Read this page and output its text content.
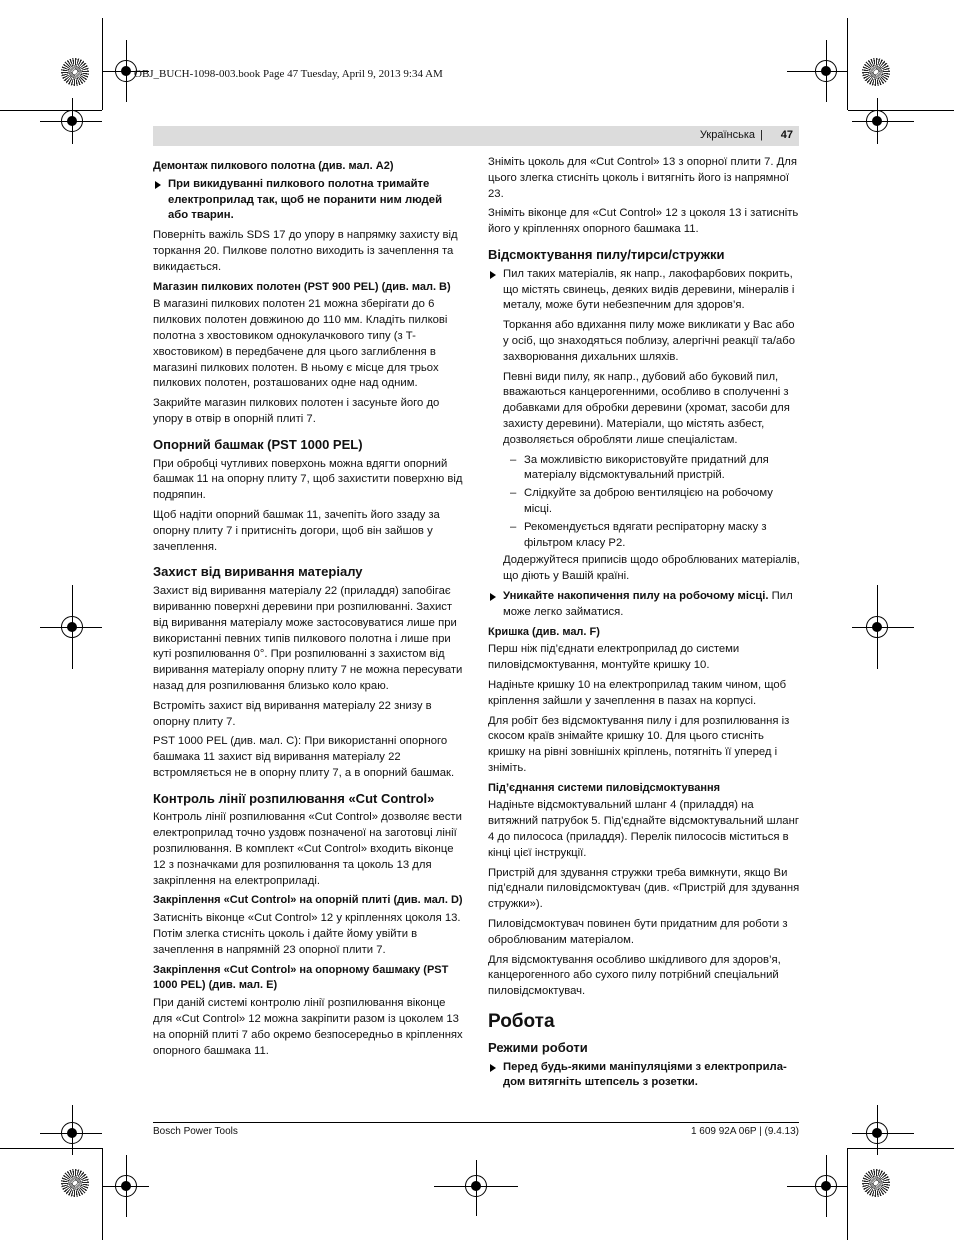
OBJ_BUCH-1098-003.book Page 47 Tuesday, April 9, 2013 9:34 AM
Українська | 47
Демонтаж пилкового полотна (див. мал. A2)
При викидуванні пилкового полотна тримайте електроприлад так, щоб не поранити ним людей або тварин.

Поверніть важіль SDS 17 до упору в напрямку захисту від торкання 20. Пилкове полотно виходить із зачеплення та викидається.

Магазин пилкових полотен (PST 900 PEL) (див. мал. B)

В магазині пилкових полотен 21 можна зберігати до 6 пилкових полотен довжиною до 110 мм. Кладіть пилкові полотна з хвостовиком однокулачкового типу (з T-хвостовиком) в передбачене для цього заглиблення в магазині пилкових полотен. В ньому є місце для трьох пилкових полотен, розташованих одне над одним.

Закрийте магазин пилкових полотен і засуньте його до упору в отвір в опорній плиті 7.

Опорний башмак (PST 1000 PEL)

При обробці чутливих поверхонь можна вдягти опорний башмак 11 на опорну плиту 7, щоб захистити поверхню від подряпин.

Щоб надіти опорний башмак 11, зачепіть його ззаду за опорну плиту 7 і притисніть догори, щоб він зайшов у зачеплення.

Захист від виривання матеріалу

Захист від виривання матеріалу 22 (приладдя) запобігає вириванню поверхні деревини при розпилюванні. Захист від виривання матеріалу може застосовуватися лише при використанні певних типів пилкового полотна і лише при куті розпилювання 0°. При розпилюванні з захистом від виривання матеріалу опорну плиту 7 не можна пересувати назад для розпилювання близько коло краю.

Встроміть захист від виривання матеріалу 22 знизу в опорну плиту 7.

PST 1000 PEL (див. мал. C): При використанні опорного башмака 11 захист від виривання матеріалу 22 встромляється не в опорну плиту 7, а в опорний башмак.

Контроль лінії розпилювання «Cut Control»

Контроль лінії розпилювання «Cut Control» дозволяє вести електроприлад точно уздовж позначеної на заготовці лінії розпилювання. В комплект «Cut Control» входить віконце 12 з позначками для розпилювання та цоколь 13 для закріплення на електроприладі.

Закріплення «Cut Control» на опорній плиті (див. мал. D)

Затисніть віконце «Cut Control» 12 у кріпленнях цоколя 13. Потім злегка стисніть цоколь і дайте йому увійти в зачеплення в напрямній 23 опорної плити 7.

Закріплення «Cut Control» на опорному башмаку (PST 1000 PEL) (див. мал. E)

При даній системі контролю лінії розпилювання віконце для «Cut Control» 12 можна закріпити разом із цоколем 13 на опорній плиті 7 або окремо безпосередньо в кріпленнях опорного башмака 11.

Зніміть цоколь для «Cut Control» 13 з опорної плити 7. Для цього злегка стисніть цоколь і витягніть його із напрямної 23.

Зніміть віконце для «Cut Control» 12 з цоколя 13 і затисніть його у кріпленнях опорного башмака 11.

Відсмоктування пилу/тирси/стружки
Пил таких матеріалів, як напр., лакофарбових покрить, що містять свинець, деяких видів деревини, мінералів і металу, може бути небезпечним для здоров’я.
Торкання або вдихання пилу може викликати у Вас або у осіб, що знаходяться поблизу, алергічні реакції та/або захворювання дихальних шляхів.
Певні види пилу, як напр., дубовий або буковий пил, вважаються канцерогенними, особливо в сполученні з добавками для обробки деревини (хромат, засоби для захисту деревини). Матеріали, що містять азбест, дозволяється обробляти лише спеціалістам.
– За можливістю використовуйте придатний для матеріалу відсмоктувальний пристрій.
– Слідкуйте за доброю вентиляцією на робочому місці.
– Рекомендується вдягати респіраторну маску з фільтром класу P2.
Додержуйтеся приписів щодо оброблюваних матеріалів, що діють у Вашій країні.
Уникайте накопичення пилу на робочому місці. Пил може легко займатися.
Кришка (див. мал. F)

Перш ніж під’єднати електроприлад до системи пиловідсмоктування, монтуйте кришку 10.

Надіньте кришку 10 на електроприлад таким чином, щоб кріплення зайшли у зачеплення в пазах на корпусі.

Для робіт без відсмоктування пилу і для розпилювання із скосом країв знімайте кришку 10. Для цього стисніть кришку на рівні зовнішніх кріплень, потягніть її уперед і зніміть.

Під’єднання системи пиловідсмоктування

Надіньте відсмоктувальний шланг 4 (приладдя) на витяжний патрубок 5. Під’єднайте відсмоктувальний шланг 4 до пилососа (приладдя). Перелік пилососів міститься в кінці цієї інструкції.

Пристрій для здування стружки треба вимкнути, якщо Ви під’єднали пиловідсмоктувач (див. «Пристрій для здування стружки»).

Пиловідсмоктувач повинен бути придатним для роботи з оброблюваним матеріалом.

Для відсмоктування особливо шкідливого для здоров’я, канцерогенного або сухого пилу потрібний спеціальний пиловідсмоктувач.

Робота
Режими роботи
Перед будь-якими маніпуляціями з електроприла-дом витягніть штепсель з розетки.
Bosch Power Tools	1 609 92A 06P | (9.4.13)
